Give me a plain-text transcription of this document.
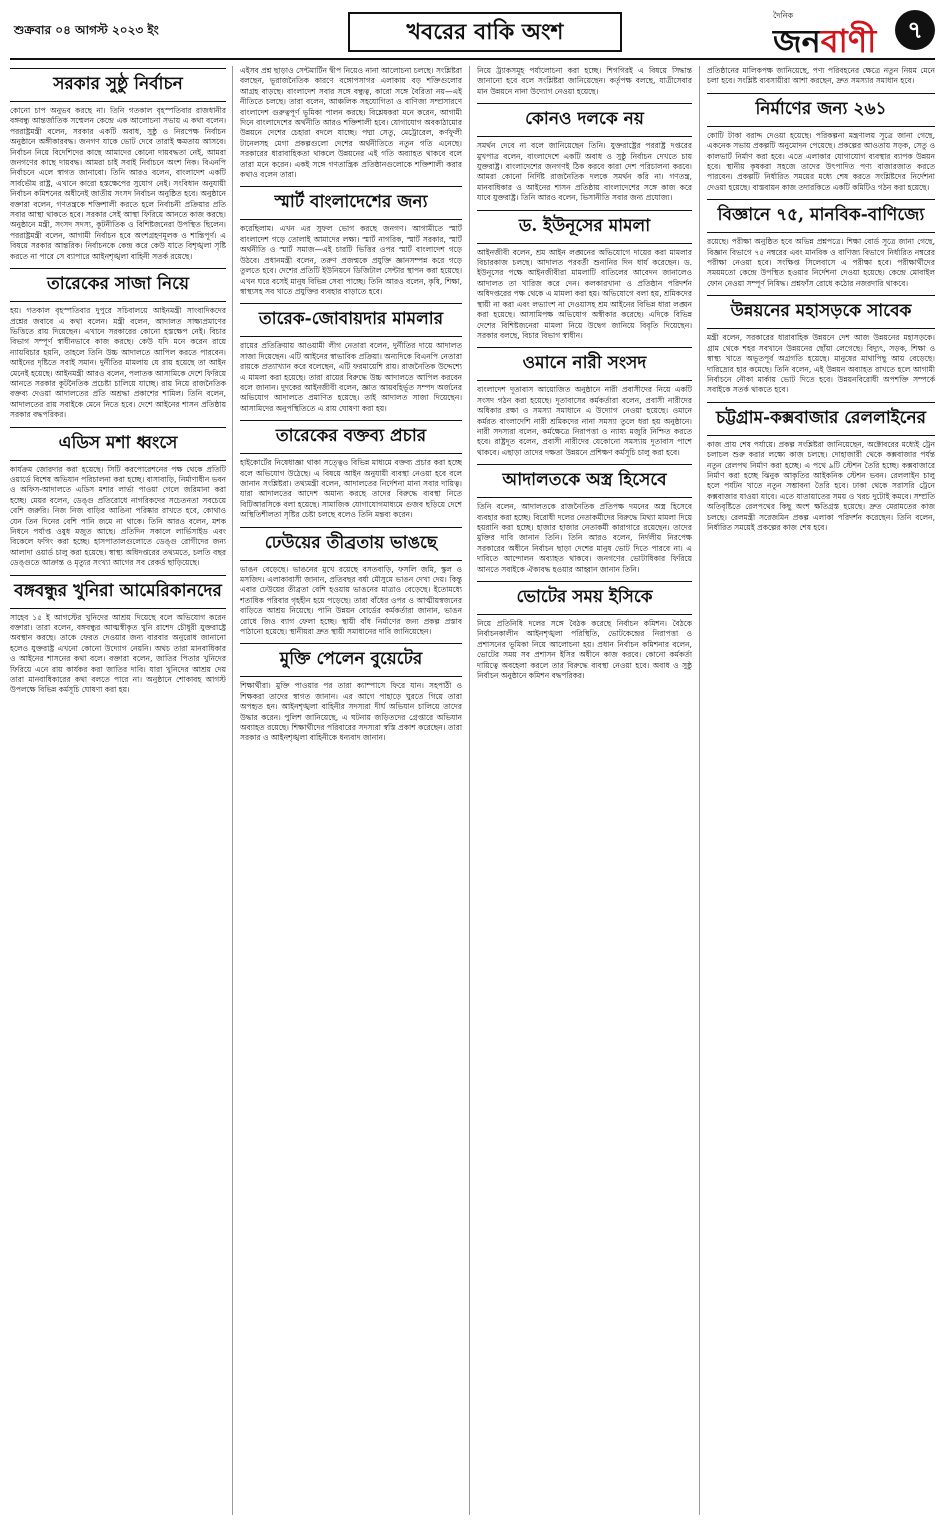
শুক্রবার ০৪ আগস্ট ২০২৩ ইং	খবরের বাকি অংশ
দৈনিক
জনবাণী	৭
সরকার সুষ্ঠু নির্বাচন

কোনো চাপ অনুভব করছে না। তিনি গতকাল বৃহস্পতিবার রাজধানীর বঙ্গবন্ধু আন্তর্জাতিক সম্মেলন কেন্দ্রে এক আলোচনা সভায় এ কথা বলেন। পররাষ্ট্রমন্ত্রী বলেন, সরকার একটি অবাধ, সুষ্ঠু ও নিরপেক্ষ নির্বাচন অনুষ্ঠানে অঙ্গীকারবদ্ধ। জনগণ যাকে ভোট দেবে তারাই ক্ষমতায় আসবে। নির্বাচন নিয়ে বিদেশিদের কাছে আমাদের কোনো দায়বদ্ধতা নেই, আমরা জনগণের কাছে দায়বদ্ধ। আমরা চাই সবাই নির্বাচনে অংশ নিক। বিএনপি নির্বাচনে এলে স্বাগত জানাবো। তিনি আরও বলেন, বাংলাদেশ একটি সার্বভৌম রাষ্ট্র, এখানে কারো হস্তক্ষেপের সুযোগ নেই। সংবিধান অনুযায়ী নির্বাচন কমিশনের অধীনেই জাতীয় সংসদ নির্বাচন অনুষ্ঠিত হবে। অনুষ্ঠানে বক্তারা বলেন, গণতন্ত্রকে শক্তিশালী করতে হলে নির্বাচনী প্রক্রিয়ার প্রতি সবার আস্থা থাকতে হবে। সরকার সেই আস্থা ফিরিয়ে আনতে কাজ করছে। অনুষ্ঠানে মন্ত্রী, সংসদ সদস্য, কূটনীতিক ও বিশিষ্টজনেরা উপস্থিত ছিলেন। পররাষ্ট্রমন্ত্রী বলেন, আগামী নির্বাচন হবে অংশগ্রহণমূলক ও শান্তিপূর্ণ। এ বিষয়ে সরকার আন্তরিক। নির্বাচনকে কেন্দ্র করে কেউ যাতে বিশৃঙ্খলা সৃষ্টি করতে না পারে সে ব্যাপারে আইনশৃঙ্খলা বাহিনী সতর্ক রয়েছে।

তারেকের সাজা নিয়ে

হয়। গতকাল বৃহস্পতিবার দুপুরে সচিবালয়ে আইনমন্ত্রী সাংবাদিকদের প্রশ্নের জবাবে এ কথা বলেন। মন্ত্রী বলেন, আদালত সাক্ষ্যপ্রমাণের ভিত্তিতে রায় দিয়েছেন। এখানে সরকারের কোনো হস্তক্ষেপ নেই। বিচার বিভাগ সম্পূর্ণ স্বাধীনভাবে কাজ করছে। কেউ যদি মনে করেন রায়ে ন্যায়বিচার হয়নি, তাহলে তিনি উচ্চ আদালতে আপিল করতে পারবেন। আইনের দৃষ্টিতে সবাই সমান। দুর্নীতির মামলায় যে রায় হয়েছে তা আইন মেনেই হয়েছে। আইনমন্ত্রী আরও বলেন, পলাতক আসামিকে দেশে ফিরিয়ে আনতে সরকার কূটনৈতিক প্রচেষ্টা চালিয়ে যাচ্ছে। রায় নিয়ে রাজনৈতিক বক্তব্য দেওয়া আদালতের প্রতি অশ্রদ্ধা প্রকাশের শামিল। তিনি বলেন, আদালতের রায় সবাইকে মেনে নিতে হবে। দেশে আইনের শাসন প্রতিষ্ঠায় সরকার বদ্ধপরিকর।

এডিস মশা ধ্বংসে

কার্যক্রম জোরদার করা হয়েছে। সিটি করপোরেশনের পক্ষ থেকে প্রতিটি ওয়ার্ডে বিশেষ অভিযান পরিচালনা করা হচ্ছে। বাসাবাড়ি, নির্মাণাধীন ভবন ও অফিস-আদালতে এডিস মশার লার্ভা পাওয়া গেলে জরিমানা করা হচ্ছে। মেয়র বলেন, ডেঙ্গু প্রতিরোধে নাগরিকদের সচেতনতা সবচেয়ে বেশি জরুরি। নিজ নিজ বাড়ির আঙিনা পরিষ্কার রাখতে হবে, কোথাও যেন তিন দিনের বেশি পানি জমে না থাকে। তিনি আরও বলেন, মশক নিধনে পর্যাপ্ত ওষুধ মজুত আছে। প্রতিদিন সকালে লার্ভিসাইড এবং বিকেলে ফগিং করা হচ্ছে। হাসপাতালগুলোতে ডেঙ্গু রোগীদের জন্য আলাদা ওয়ার্ড চালু করা হয়েছে। স্বাস্থ্য অধিদপ্তরের তথ্যমতে, চলতি বছর ডেঙ্গুতে আক্রান্ত ও মৃত্যুর সংখ্যা আগের সব রেকর্ড ছাড়িয়েছে।

বঙ্গবন্ধুর খুনিরা আমেরিকানদের

সাহেব ১৫ ই আগস্টের খুনিদের আশ্রয় দিয়েছে বলে অভিযোগ করেন বক্তারা। তারা বলেন, বঙ্গবন্ধুর আত্মস্বীকৃত খুনি রাশেদ চৌধুরী যুক্তরাষ্ট্রে অবস্থান করছে। তাকে ফেরত দেওয়ার জন্য বারবার অনুরোধ জানানো হলেও যুক্তরাষ্ট্র এখনো কোনো উদ্যোগ নেয়নি। অথচ তারা মানবাধিকার ও আইনের শাসনের কথা বলে। বক্তারা বলেন, জাতির পিতার খুনিদের ফিরিয়ে এনে রায় কার্যকর করা জাতির দাবি। যারা খুনিদের আশ্রয় দেয় তারা মানবাধিকারের কথা বলতে পারে না। অনুষ্ঠানে শোকাবহ আগস্ট উপলক্ষে বিভিন্ন কর্মসূচি ঘোষণা করা হয়।

এইসব প্রশ্ন ছাড়াও সেন্টমার্টিন দ্বীপ নিয়েও নানা আলোচনা চলছে। সংশ্লিষ্টরা বলছেন, ভূরাজনৈতিক কারণে বঙ্গোপসাগর এলাকায় বড় শক্তিগুলোর আগ্রহ বাড়ছে। বাংলাদেশ সবার সঙ্গে বন্ধুত্ব, কারো সঙ্গে বৈরিতা নয়—এই নীতিতে চলছে। তারা বলেন, আঞ্চলিক সহযোগিতা ও বাণিজ্য সম্প্রসারণে বাংলাদেশ গুরুত্বপূর্ণ ভূমিকা পালন করছে। বিশ্লেষকরা মনে করেন, আগামী দিনে বাংলাদেশের অর্থনীতি আরও শক্তিশালী হবে। যোগাযোগ অবকাঠামোর উন্নয়নে দেশের চেহারা বদলে যাচ্ছে। পদ্মা সেতু, মেট্রোরেল, কর্ণফুলী টানেলসহ মেগা প্রকল্পগুলো দেশের অর্থনীতিতে নতুন গতি এনেছে। সরকারের ধারাবাহিকতা থাকলে উন্নয়নের এই গতি অব্যাহত থাকবে বলে তারা মনে করেন। একই সঙ্গে গণতান্ত্রিক প্রতিষ্ঠানগুলোকে শক্তিশালী করার কথাও বলেন তারা।

স্মার্ট বাংলাদেশের জন্য

করেছিলাম। এখন এর সুফল ভোগ করছে জনগণ। আগামীতে স্মার্ট বাংলাদেশ গড়ে তোলাই আমাদের লক্ষ্য। স্মার্ট নাগরিক, স্মার্ট সরকার, স্মার্ট অর্থনীতি ও স্মার্ট সমাজ—এই চারটি ভিত্তির ওপর স্মার্ট বাংলাদেশ গড়ে উঠবে। প্রধানমন্ত্রী বলেন, তরুণ প্রজন্মকে প্রযুক্তি জ্ঞানসম্পন্ন করে গড়ে তুলতে হবে। দেশের প্রতিটি ইউনিয়নে ডিজিটাল সেন্টার স্থাপন করা হয়েছে। এখন ঘরে বসেই মানুষ বিভিন্ন সেবা পাচ্ছে। তিনি আরও বলেন, কৃষি, শিক্ষা, স্বাস্থ্যসহ সব খাতে প্রযুক্তির ব্যবহার বাড়াতে হবে।

তারেক-জোবায়দার মামলার

রায়ের প্রতিক্রিয়ায় আওয়ামী লীগ নেতারা বলেন, দুর্নীতির দায়ে আদালত সাজা দিয়েছেন। এটি আইনের স্বাভাবিক প্রক্রিয়া। অন্যদিকে বিএনপি নেতারা রায়কে প্রত্যাখ্যান করে বলেছেন, এটি ফরমায়েশি রায়। রাজনৈতিক উদ্দেশ্যে এ মামলা করা হয়েছে। তারা রায়ের বিরুদ্ধে উচ্চ আদালতে আপিল করবেন বলে জানান। দুদকের আইনজীবী বলেন, জ্ঞাত আয়বহির্ভূত সম্পদ অর্জনের অভিযোগ আদালতে প্রমাণিত হয়েছে। তাই আদালত সাজা দিয়েছেন। আসামিদের অনুপস্থিতিতে এ রায় ঘোষণা করা হয়।

তারেকের বক্তব্য প্রচার

হাইকোর্টের নিষেধাজ্ঞা থাকা সত্ত্বেও বিভিন্ন মাধ্যমে বক্তব্য প্রচার করা হচ্ছে বলে অভিযোগ উঠেছে। এ বিষয়ে আইন অনুযায়ী ব্যবস্থা নেওয়া হবে বলে জানান সংশ্লিষ্টরা। তথ্যমন্ত্রী বলেন, আদালতের নির্দেশনা মানা সবার দায়িত্ব। যারা আদালতের আদেশ অমান্য করছে তাদের বিরুদ্ধে ব্যবস্থা নিতে বিটিআরসিকে বলা হয়েছে। সামাজিক যোগাযোগমাধ্যমে গুজব ছড়িয়ে দেশে অস্থিতিশীলতা সৃষ্টির চেষ্টা চলছে বলেও তিনি মন্তব্য করেন।

ঢেউয়ের তীব্রতায় ভাঙছে

ভাঙন বেড়েছে। ভাঙনের মুখে রয়েছে বসতবাড়ি, ফসলি জমি, স্কুল ও মসজিদ। এলাকাবাসী জানান, প্রতিবছর বর্ষা মৌসুমে ভাঙন দেখা দেয়। কিন্তু এবার ঢেউয়ের তীব্রতা বেশি হওয়ায় ভাঙনের মাত্রাও বেড়েছে। ইতোমধ্যে শতাধিক পরিবার গৃহহীন হয়ে পড়েছে। তারা বাঁধের ওপর ও আত্মীয়স্বজনের বাড়িতে আশ্রয় নিয়েছে। পানি উন্নয়ন বোর্ডের কর্মকর্তারা জানান, ভাঙন রোধে জিও ব্যাগ ফেলা হচ্ছে। স্থায়ী বাঁধ নির্মাণের জন্য প্রকল্প প্রস্তাব পাঠানো হয়েছে। স্থানীয়রা দ্রুত স্থায়ী সমাধানের দাবি জানিয়েছেন।

মুক্তি পেলেন বুয়েটের

শিক্ষার্থীরা। মুক্তি পাওয়ার পর তারা ক্যাম্পাসে ফিরে যান। সহপাঠী ও শিক্ষকরা তাদের স্বাগত জানান। এর আগে পাহাড়ে ঘুরতে গিয়ে তারা অপহৃত হন। আইনশৃঙ্খলা বাহিনীর সদস্যরা দীর্ঘ অভিযান চালিয়ে তাদের উদ্ধার করেন। পুলিশ জানিয়েছে, এ ঘটনায় জড়িতদের গ্রেপ্তারে অভিযান অব্যাহত রয়েছে। শিক্ষার্থীদের পরিবারের সদস্যরা স্বস্তি প্রকাশ করেছেন। তারা সরকার ও আইনশৃঙ্খলা বাহিনীকে ধন্যবাদ জানান।

নিয়ে ট্র্যাকসমূহ পর্যালোচনা করা হচ্ছে। শিগগিরই এ বিষয়ে সিদ্ধান্ত জানানো হবে বলে সংশ্লিষ্টরা জানিয়েছেন। কর্তৃপক্ষ বলছে, যাত্রীসেবার মান উন্নয়নে নানা উদ্যোগ নেওয়া হয়েছে।

কোনও দলকে নয়

সমর্থন দেবে না বলে জানিয়েছেন তিনি। যুক্তরাষ্ট্রের পররাষ্ট্র দপ্তরের মুখপাত্র বলেন, বাংলাদেশে একটি অবাধ ও সুষ্ঠু নির্বাচন দেখতে চায় যুক্তরাষ্ট্র। বাংলাদেশের জনগণই ঠিক করবে কারা দেশ পরিচালনা করবে। আমরা কোনো নির্দিষ্ট রাজনৈতিক দলকে সমর্থন করি না। গণতন্ত্র, মানবাধিকার ও আইনের শাসন প্রতিষ্ঠায় বাংলাদেশের সঙ্গে কাজ করে যাবে যুক্তরাষ্ট্র। তিনি আরও বলেন, ভিসানীতি সবার জন্য প্রযোজ্য।

ড. ইউনূসের মামলা

আইনজীবী বলেন, শ্রম আইন লঙ্ঘনের অভিযোগে দায়ের করা মামলার বিচারকাজ চলছে। আদালত পরবর্তী শুনানির দিন ধার্য করেছেন। ড. ইউনূসের পক্ষে আইনজীবীরা মামলাটি বাতিলের আবেদন জানালেও আদালত তা খারিজ করে দেন। কলকারখানা ও প্রতিষ্ঠান পরিদর্শন অধিদপ্তরের পক্ষ থেকে এ মামলা করা হয়। অভিযোগে বলা হয়, শ্রমিকদের স্থায়ী না করা এবং লভ্যাংশ না দেওয়াসহ শ্রম আইনের বিভিন্ন ধারা লঙ্ঘন করা হয়েছে। আসামিপক্ষ অভিযোগ অস্বীকার করেছে। এদিকে বিভিন্ন দেশের বিশিষ্টজনেরা মামলা নিয়ে উদ্বেগ জানিয়ে বিবৃতি দিয়েছেন। সরকার বলছে, বিচার বিভাগ স্বাধীন।

ওমানে নারী সংসদ

বাংলাদেশ দূতাবাস আয়োজিত অনুষ্ঠানে নারী প্রবাসীদের নিয়ে একটি সংসদ গঠন করা হয়েছে। দূতাবাসের কর্মকর্তারা বলেন, প্রবাসী নারীদের অধিকার রক্ষা ও সমস্যা সমাধানে এ উদ্যোগ নেওয়া হয়েছে। ওমানে কর্মরত বাংলাদেশি নারী শ্রমিকদের নানা সমস্যা তুলে ধরা হয় অনুষ্ঠানে। নারী সদস্যরা বলেন, কর্মক্ষেত্রে নিরাপত্তা ও ন্যায্য মজুরি নিশ্চিত করতে হবে। রাষ্ট্রদূত বলেন, প্রবাসী নারীদের যেকোনো সমস্যায় দূতাবাস পাশে থাকবে। এছাড়া তাদের দক্ষতা উন্নয়নে প্রশিক্ষণ কর্মসূচি চালু করা হবে।

আদালতকে অস্ত্র হিসেবে

তিনি বলেন, আদালতকে রাজনৈতিক প্রতিপক্ষ দমনের অস্ত্র হিসেবে ব্যবহার করা হচ্ছে। বিরোধী দলের নেতাকর্মীদের বিরুদ্ধে মিথ্যা মামলা দিয়ে হয়রানি করা হচ্ছে। হাজার হাজার নেতাকর্মী কারাগারে রয়েছেন। তাদের মুক্তির দাবি জানান তিনি। তিনি আরও বলেন, নির্দলীয় নিরপেক্ষ সরকারের অধীনে নির্বাচন ছাড়া দেশের মানুষ ভোট দিতে পারবে না। এ দাবিতে আন্দোলন অব্যাহত থাকবে। জনগণের ভোটাধিকার ফিরিয়ে আনতে সবাইকে ঐক্যবদ্ধ হওয়ার আহ্বান জানান তিনি।

ভোটের সময় ইসিকে

নিয়ে প্রতিনিধি দলের সঙ্গে বৈঠক করেছে নির্বাচন কমিশন। বৈঠকে নির্বাচনকালীন আইনশৃঙ্খলা পরিস্থিতি, ভোটকেন্দ্রের নিরাপত্তা ও প্রশাসনের ভূমিকা নিয়ে আলোচনা হয়। প্রধান নির্বাচন কমিশনার বলেন, ভোটের সময় সব প্রশাসন ইসির অধীনে কাজ করবে। কোনো কর্মকর্তা দায়িত্বে অবহেলা করলে তার বিরুদ্ধে ব্যবস্থা নেওয়া হবে। অবাধ ও সুষ্ঠু নির্বাচন অনুষ্ঠানে কমিশন বদ্ধপরিকর।

প্রতিষ্ঠানের মালিকপক্ষ জানিয়েছে, পণ্য পরিবহনের ক্ষেত্রে নতুন নিয়ম মেনে চলা হবে। সংশ্লিষ্ট ব্যবসায়ীরা আশা করছেন, দ্রুত সমস্যার সমাধান হবে।

নির্মাণের জন্য ২৬১

কোটি টাকা বরাদ্দ দেওয়া হয়েছে। পরিকল্পনা মন্ত্রণালয় সূত্রে জানা গেছে, একনেক সভায় প্রকল্পটি অনুমোদন পেয়েছে। প্রকল্পের আওতায় সড়ক, সেতু ও কালভার্ট নির্মাণ করা হবে। এতে এলাকার যোগাযোগ ব্যবস্থার ব্যাপক উন্নয়ন হবে। স্থানীয় কৃষকরা সহজে তাদের উৎপাদিত পণ্য বাজারজাত করতে পারবেন। প্রকল্পটি নির্ধারিত সময়ের মধ্যে শেষ করতে সংশ্লিষ্টদের নির্দেশনা দেওয়া হয়েছে। বাস্তবায়ন কাজ তদারকিতে একটি কমিটিও গঠন করা হয়েছে।

বিজ্ঞানে ৭৫, মানবিক-বাণিজ্যে

রয়েছে। পরীক্ষা অনুষ্ঠিত হবে অভিন্ন প্রশ্নপত্রে। শিক্ষা বোর্ড সূত্রে জানা গেছে, বিজ্ঞান বিভাগে ৭৫ নম্বরের এবং মানবিক ও বাণিজ্য বিভাগে নির্ধারিত নম্বরের পরীক্ষা নেওয়া হবে। সংক্ষিপ্ত সিলেবাসে এ পরীক্ষা হবে। পরীক্ষার্থীদের সময়মতো কেন্দ্রে উপস্থিত হওয়ার নির্দেশনা দেওয়া হয়েছে। কেন্দ্রে মোবাইল ফোন নেওয়া সম্পূর্ণ নিষিদ্ধ। প্রশ্নফাঁস রোধে কঠোর নজরদারি থাকবে।

উন্নয়নের মহাসড়কে সাবেক

মন্ত্রী বলেন, সরকারের ধারাবাহিক উন্নয়নে দেশ আজ উন্নয়নের মহাসড়কে। গ্রাম থেকে শহর সবখানে উন্নয়নের ছোঁয়া লেগেছে। বিদ্যুৎ, সড়ক, শিক্ষা ও স্বাস্থ্য খাতে অভূতপূর্ব অগ্রগতি হয়েছে। মানুষের মাথাপিছু আয় বেড়েছে। দারিদ্র্যের হার কমেছে। তিনি বলেন, এই উন্নয়ন অব্যাহত রাখতে হলে আগামী নির্বাচনে নৌকা মার্কায় ভোট দিতে হবে। উন্নয়নবিরোধী অপশক্তি সম্পর্কে সবাইকে সতর্ক থাকতে হবে।

চট্টগ্রাম-কক্সবাজার রেললাইনের

কাজ প্রায় শেষ পর্যায়ে। প্রকল্প সংশ্লিষ্টরা জানিয়েছেন, অক্টোবরের মধ্যেই ট্রেন চলাচল শুরু করার লক্ষ্যে কাজ চলছে। দোহাজারী থেকে কক্সবাজার পর্যন্ত নতুন রেলপথ নির্মাণ করা হচ্ছে। এ পথে ৯টি স্টেশন তৈরি হচ্ছে। কক্সবাজারে নির্মাণ করা হচ্ছে ঝিনুক আকৃতির আইকনিক স্টেশন ভবন। রেললাইন চালু হলে পর্যটন খাতে নতুন সম্ভাবনা তৈরি হবে। ঢাকা থেকে সরাসরি ট্রেনে কক্সবাজার যাওয়া যাবে। এতে যাতায়াতের সময় ও খরচ দুটোই কমবে। সম্প্রতি অতিবৃষ্টিতে রেলপথের কিছু অংশ ক্ষতিগ্রস্ত হয়েছে। দ্রুত মেরামতের কাজ চলছে। রেলমন্ত্রী সরেজমিন প্রকল্প এলাকা পরিদর্শন করেছেন। তিনি বলেন, নির্ধারিত সময়েই প্রকল্পের কাজ শেষ হবে।
